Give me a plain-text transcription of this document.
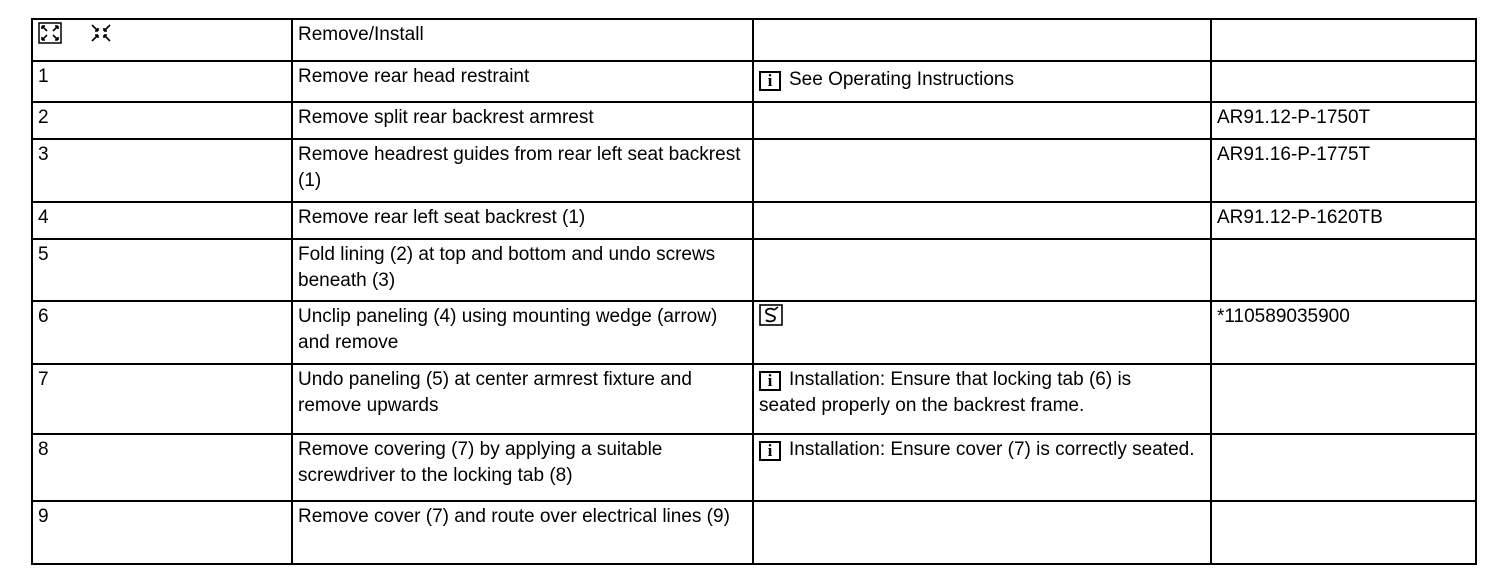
	Remove/Install		
1	Remove rear head restraint	i See Operating Instructions	
2	Remove split rear backrest armrest		AR91.12-P-1750T
3	Remove headrest guides from rear left seat backrest (1)		AR91.16-P-1775T
4	Remove rear left seat backrest (1)		AR91.12-P-1620TB
5	Fold lining (2) at top and bottom and undo screws beneath (3)		
6	Unclip paneling (4) using mounting wedge (arrow) and remove		*110589035900
7	Undo paneling (5) at center armrest fixture and remove upwards	i Installation: Ensure that locking tab (6) is seated properly on the backrest frame.	
8	Remove covering (7) by applying a suitable screwdriver to the locking tab (8)	i Installation: Ensure cover (7) is correctly seated.	
9	Remove cover (7) and route over electrical lines (9)		
